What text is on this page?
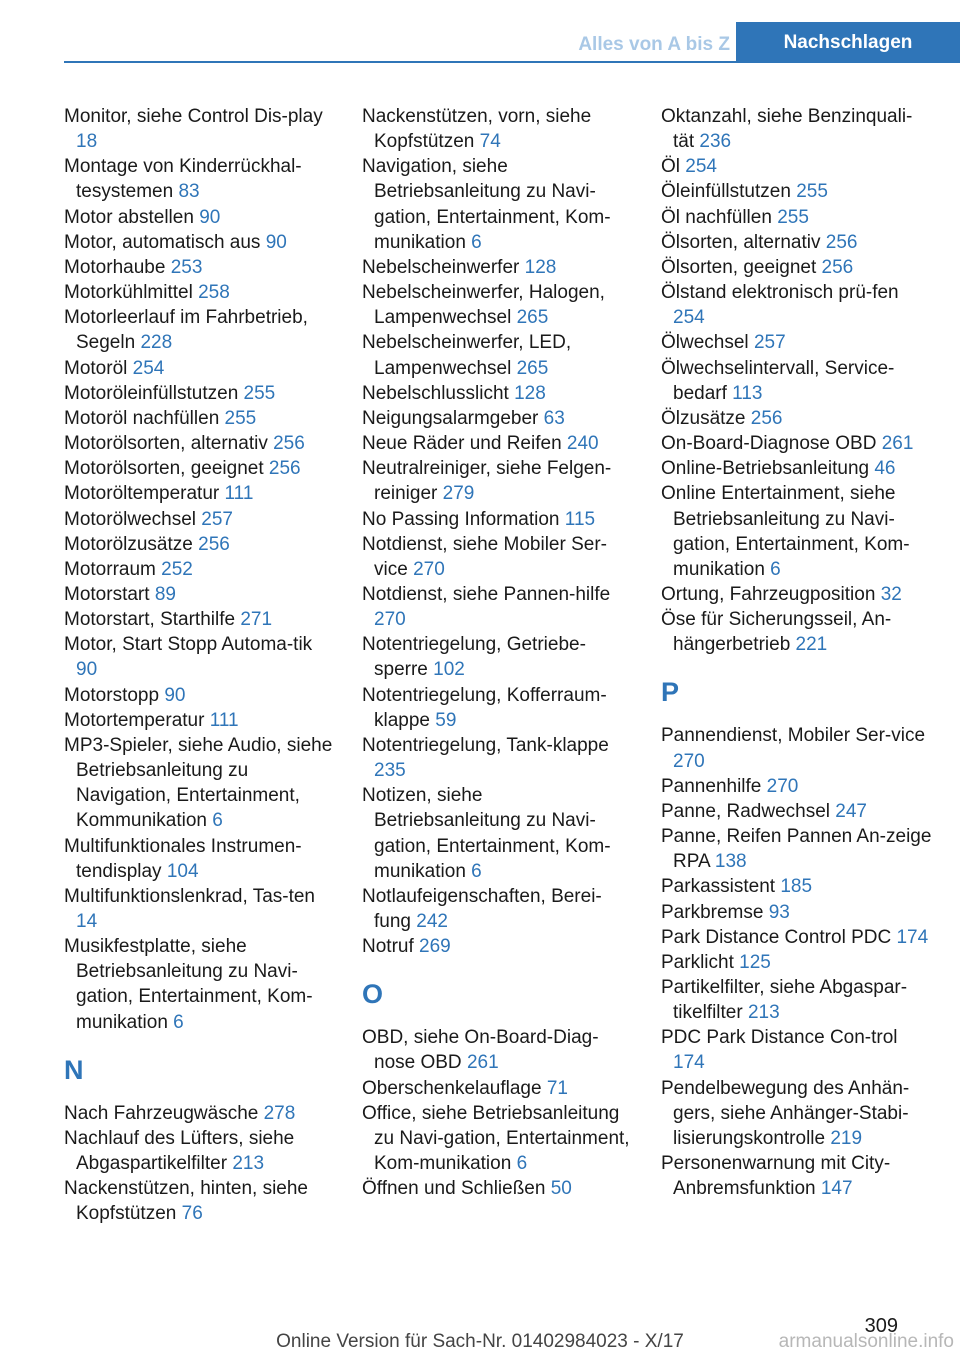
Alles von A bis Z	Nachschlagen

Monitor, siehe Control Dis-play 18

Montage von Kinderrückhal-tesystemen 83

Motor abstellen 90

Motor, automatisch aus 90

Motorhaube 253

Motorkühlmittel 258

Motorleerlauf im Fahrbetrieb, Segeln 228

Motoröl 254

Motoröleinfüllstutzen 255

Motoröl nachfüllen 255

Motorölsorten, alternativ 256

Motorölsorten, geeignet 256

Motoröltemperatur 111

Motorölwechsel 257

Motorölzusätze 256

Motorraum 252

Motorstart 89

Motorstart, Starthilfe 271

Motor, Start Stopp Automa-tik 90

Motorstopp 90

Motortemperatur 111

MP3-Spieler, siehe Audio, siehe Betriebsanleitung zu Navigation, Entertainment, Kommunikation 6

Multifunktionales Instrumen-tendisplay 104

Multifunktionslenkrad, Tas-ten 14

Musikfestplatte, siehe Betriebsanleitung zu Navi-gation, Entertainment, Kom-munikation 6

N

Nach Fahrzeugwäsche 278

Nachlauf des Lüfters, siehe Abgaspartikelfilter 213

Nackenstützen, hinten, siehe Kopfstützen 76

Nackenstützen, vorn, siehe Kopfstützen 74

Navigation, siehe Betriebsanleitung zu Navi-gation, Entertainment, Kom-munikation 6

Nebelscheinwerfer 128

Nebelscheinwerfer, Halogen, Lampenwechsel 265

Nebelscheinwerfer, LED, Lampenwechsel 265

Nebelschlusslicht 128

Neigungsalarmgeber 63

Neue Räder und Reifen 240

Neutralreiniger, siehe Felgen-reiniger 279

No Passing Information 115

Notdienst, siehe Mobiler Ser-vice 270

Notdienst, siehe Pannen-hilfe 270

Notentriegelung, Getriebe-sperre 102

Notentriegelung, Kofferraum-klappe 59

Notentriegelung, Tank-klappe 235

Notizen, siehe Betriebsanleitung zu Navi-gation, Entertainment, Kom-munikation 6

Notlaufeigenschaften, Berei-fung 242

Notruf 269

O

OBD, siehe On-Board-Diag-nose OBD 261

Oberschenkelauflage 71

Office, siehe Betriebsanleitung zu Navi-gation, Entertainment, Kom-munikation 6

Öffnen und Schließen 50

Oktanzahl, siehe Benzinquali-tät 236

Öl 254

Öleinfüllstutzen 255

Öl nachfüllen 255

Ölsorten, alternativ 256

Ölsorten, geeignet 256

Ölstand elektronisch prü-fen 254

Ölwechsel 257

Ölwechselintervall, Service-bedarf 113

Ölzusätze 256

On-Board-Diagnose OBD 261

Online-Betriebsanleitung 46

Online Entertainment, siehe Betriebsanleitung zu Navi-gation, Entertainment, Kom-munikation 6

Ortung, Fahrzeugposition 32

Öse für Sicherungsseil, An-hängerbetrieb 221

P

Pannendienst, Mobiler Ser-vice 270

Pannenhilfe 270

Panne, Radwechsel 247

Panne, Reifen Pannen An-zeige RPA 138

Parkassistent 185

Parkbremse 93

Park Distance Control PDC 174

Parklicht 125

Partikelfilter, siehe Abgaspar-tikelfilter 213

PDC Park Distance Con-trol 174

Pendelbewegung des Anhän-gers, siehe Anhänger-Stabi-lisierungskontrolle 219

Personenwarnung mit City-Anbremsfunktion 147

309
Online Version für Sach-Nr. 01402984023 - X/17	armanualsonline.info
